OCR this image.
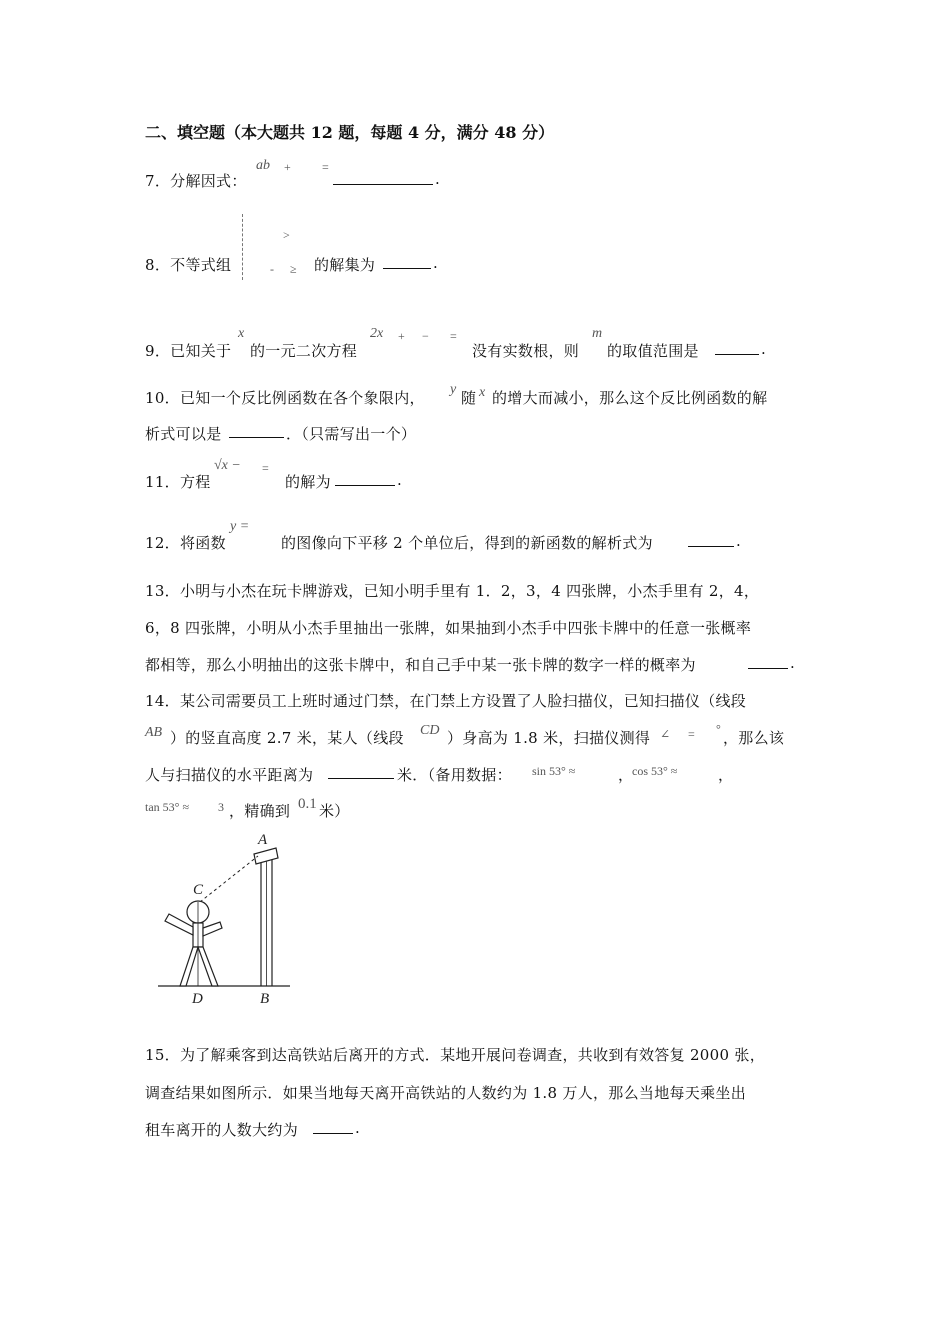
二、填空题（本大题共 12 题，每题 4 分，满分 48 分）
7．分解因式：
ab +	=
.
8．不等式组
>
- ≥ 的解集为	.
9．已知关于
x
的一元二次方程
2x + − =
没有实数根，则
m
的取值范围是	.
10．已知一个反比例函数在各个象限内， y 随 x 的增大而减小，那么这个反比例函数的解
析式可以是	．（只需写出一个）
11．方程
√x − =
的解为	.
12．将函数
y =
的图像向下平移 2 个单位后，得到的新函数的解析式为	.
13．小明与小杰在玩卡牌游戏，已知小明手里有 1．2，3，4 四张牌，小杰手里有 2，4，
6，8 四张牌，小明从小杰手里抽出一张牌，如果抽到小杰手中四张卡牌中的任意一张概率
都相等，那么小明抽出的这张卡牌中，和自己手中某一张卡牌的数字一样的概率为	.
14．某公司需要员工上班时通过门禁，在门禁上方设置了人脸扫描仪，已知扫描仪（线段
AB ）的竖直高度 2.7 米，某人（线段 CD ）身高为 1.8 米，扫描仪测得 ∠ = ° ，那么该
人与扫描仪的水平距离为	米．（备用数据： sin 53° ≈	，
cos 53° ≈	，
tan 53° ≈ 3 ，精确到 0.1 米）
A
B
C
D
15．为了解乘客到达高铁站后离开的方式．某地开展问卷调查，共收到有效答复 2000 张，
调查结果如图所示．如果当地每天离开高铁站的人数约为 1.8 万人，那么当地每天乘坐出
租车离开的人数大约为	.
